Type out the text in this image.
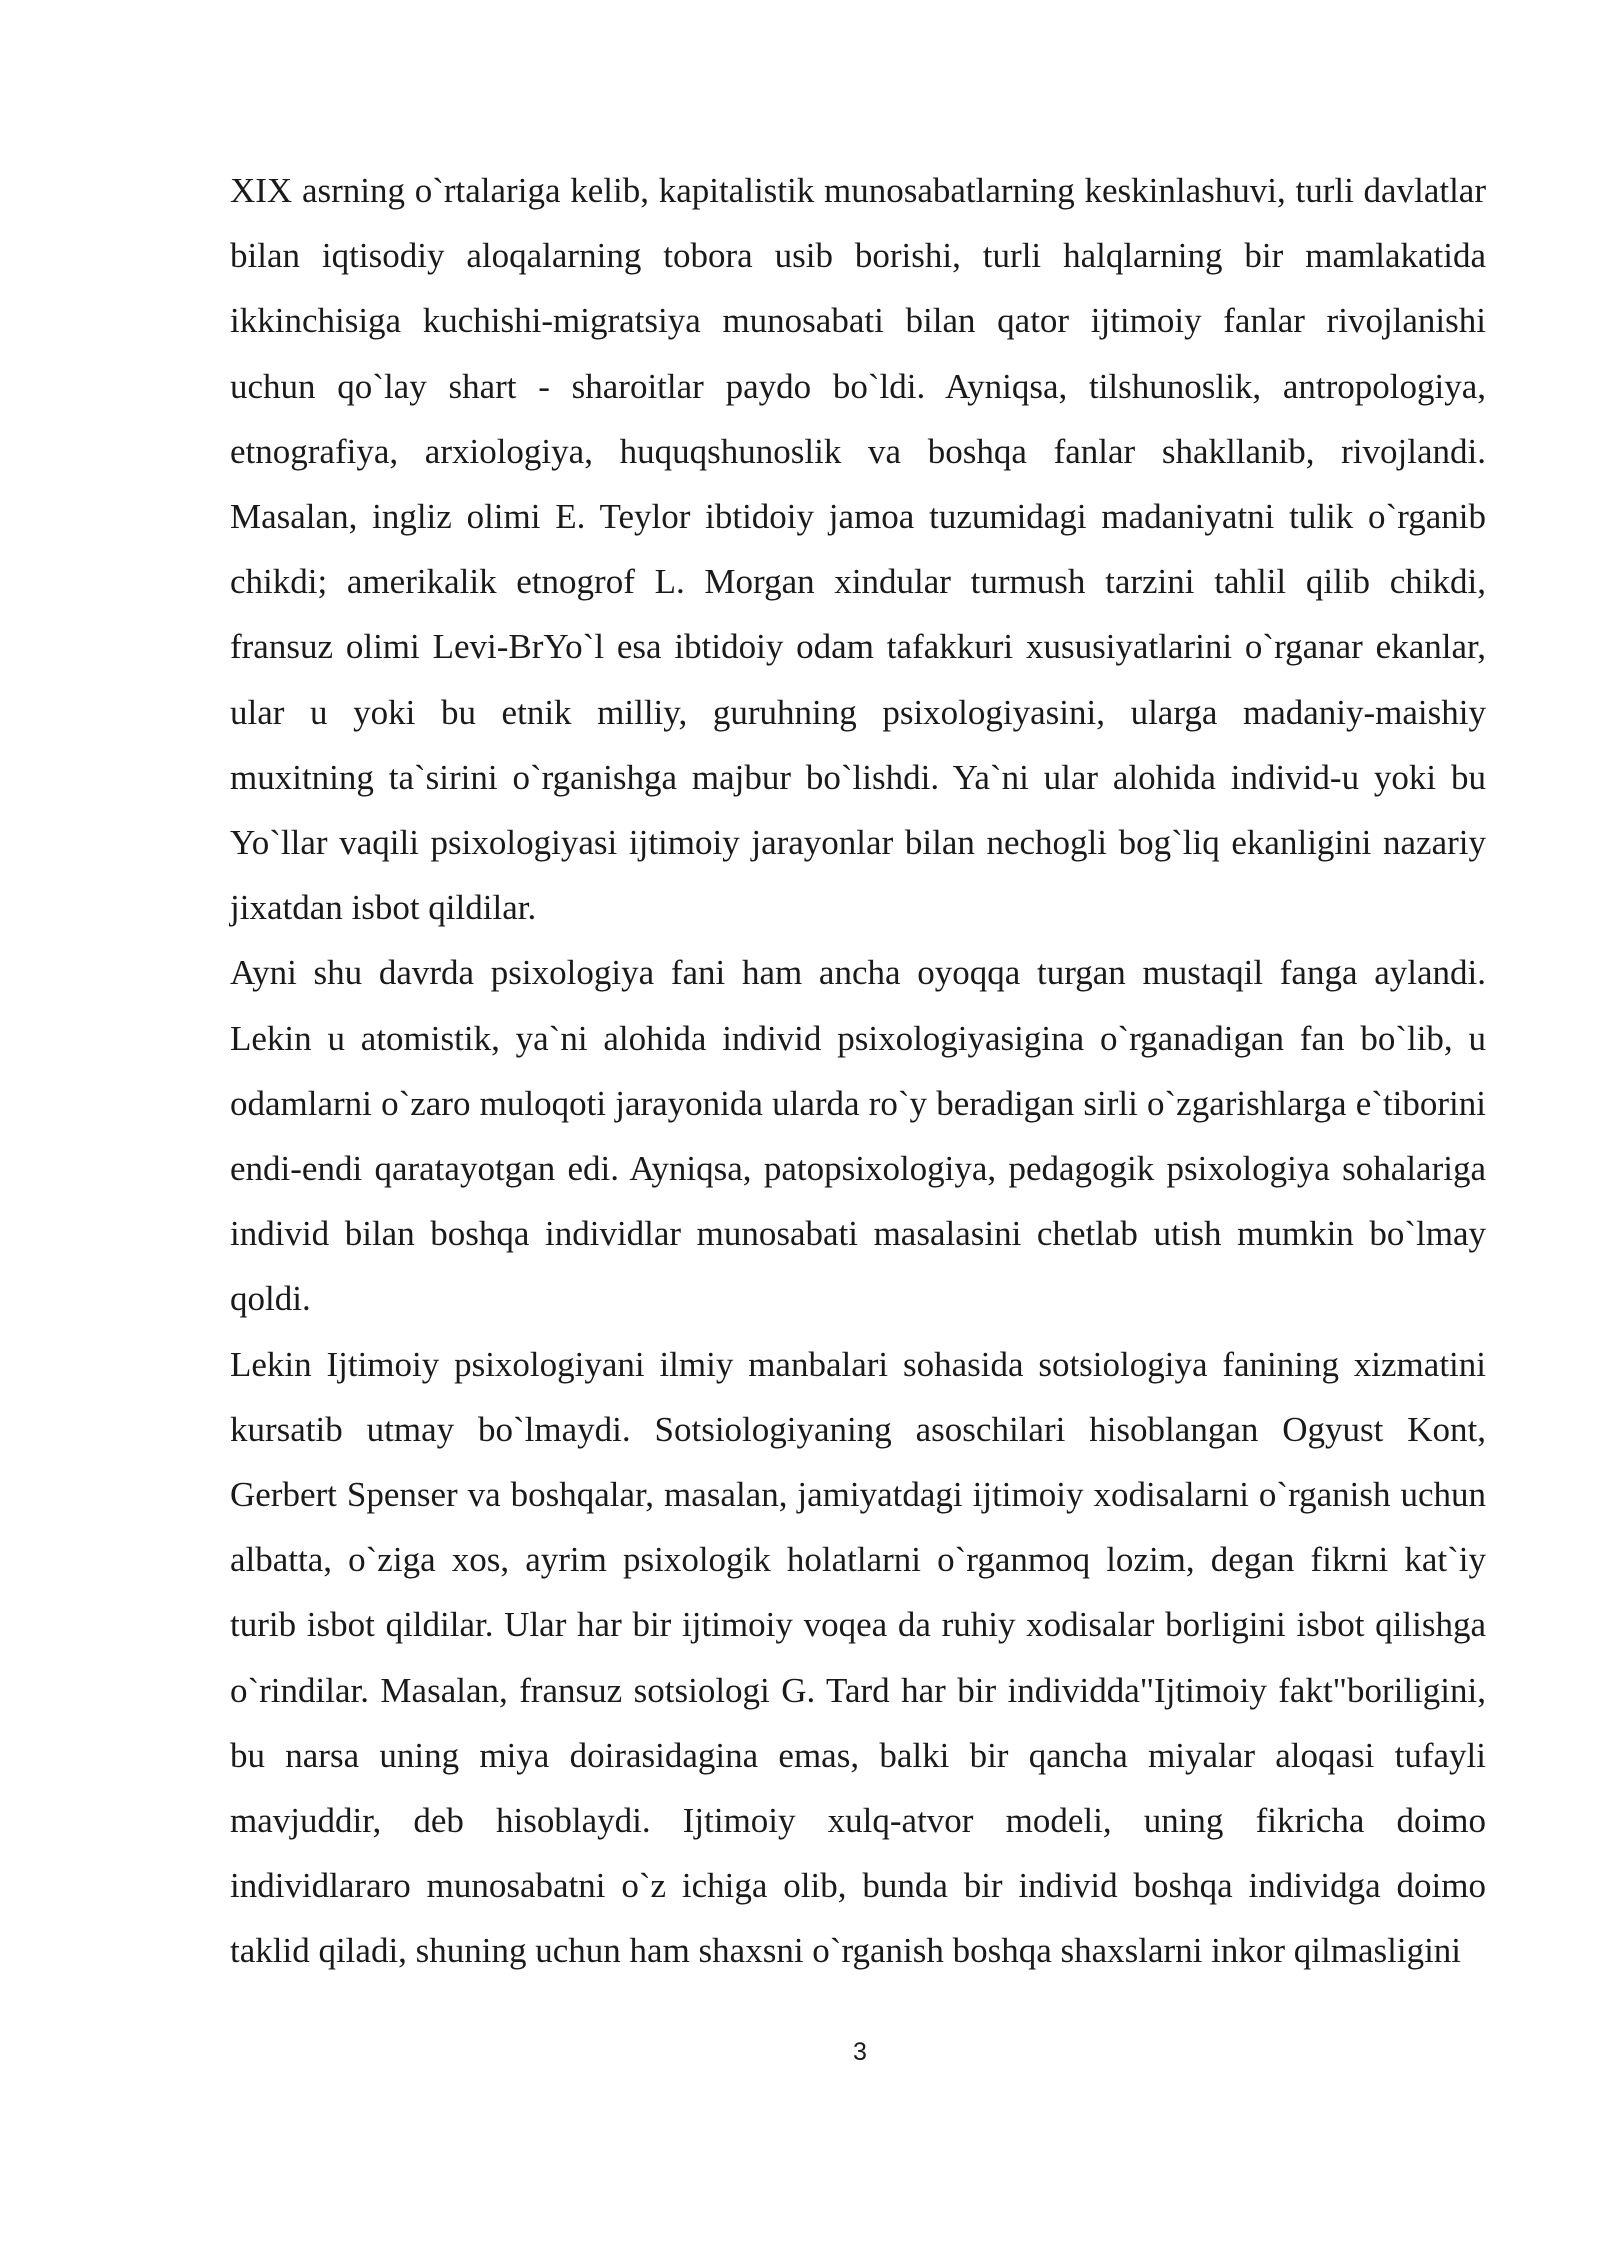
XIX asrning o`rtalariga kelib, kapitalistik munosabatlarning keskinlashuvi, turli davlatlar bilan iqtisodiy aloqalarning tobora usib borishi, turli halqlarning bir mamlakatida ikkinchisiga kuchishi-migratsiya munosabati bilan qator ijtimoiy fanlar rivojlanishi uchun qo`lay shart - sharoitlar paydo bo`ldi. Ayniqsa, tilshunoslik, antropologiya, etnografiya, arxiologiya, huquqshunoslik va boshqa fanlar shakllanib, rivojlandi. Masalan, ingliz olimi E. Teylor ibtidoiy jamoa tuzumidagi madaniyatni tulik o`rganib chikdi; amerikalik etnogrof L. Morgan xindular turmush tarzini tahlil qilib chikdi, fransuz olimi Levi-BrYo`l esa ibtidoiy odam tafakkuri xususiyatlarini o`rganar ekanlar, ular u yoki bu etnik milliy, guruhning psixologiyasini, ularga madaniy-maishiy muxitning ta`sirini o`rganishga majbur bo`lishdi. Ya`ni ular alohida individ-u yoki bu Yo`llar vaqili psixologiyasi ijtimoiy jarayonlar bilan nechogli bog`liq ekanligini nazariy jixatdan isbot qildilar.

Ayni shu davrda psixologiya fani ham ancha oyoqqa turgan mustaqil fanga aylandi. Lekin u atomistik, ya`ni alohida individ psixologiyasigina o`rganadigan fan bo`lib, u odamlarni o`zaro muloqoti jarayonida ularda ro`y beradigan sirli o`zgarishlarga e`tiborini endi-endi qaratayotgan edi. Ayniqsa, patopsixologiya, pedagogik psixologiya sohalariga individ bilan boshqa individlar munosabati masalasini chetlab utish mumkin bo`lmay qoldi.

Lekin Ijtimoiy psixologiyani ilmiy manbalari sohasida sotsiologiya fanining xizmatini kursatib utmay bo`lmaydi. Sotsiologiyaning asoschilari hisoblangan Ogyust Kont, Gerbert Spenser va boshqalar, masalan, jamiyatdagi ijtimoiy xodisalarni o`rganish uchun albatta, o`ziga xos, ayrim psixologik holatlarni o`rganmoq lozim, degan fikrni kat`iy turib isbot qildilar. Ular har bir ijtimoiy voqea da ruhiy xodisalar borligini isbot qilishga o`rindilar. Masalan, fransuz sotsiologi G. Tard har bir individda"Ijtimoiy fakt"boriligini, bu narsa uning miya doirasidagina emas, balki bir qancha miyalar aloqasi tufayli mavjuddir, deb hisoblaydi. Ijtimoiy xulq-atvor modeli, uning fikricha doimo individlararo munosabatni o`z ichiga olib, bunda bir individ boshqa individga doimo taklid qiladi, shuning uchun ham shaxsni o`rganish boshqa shaxslarni inkor qilmasligini

3
